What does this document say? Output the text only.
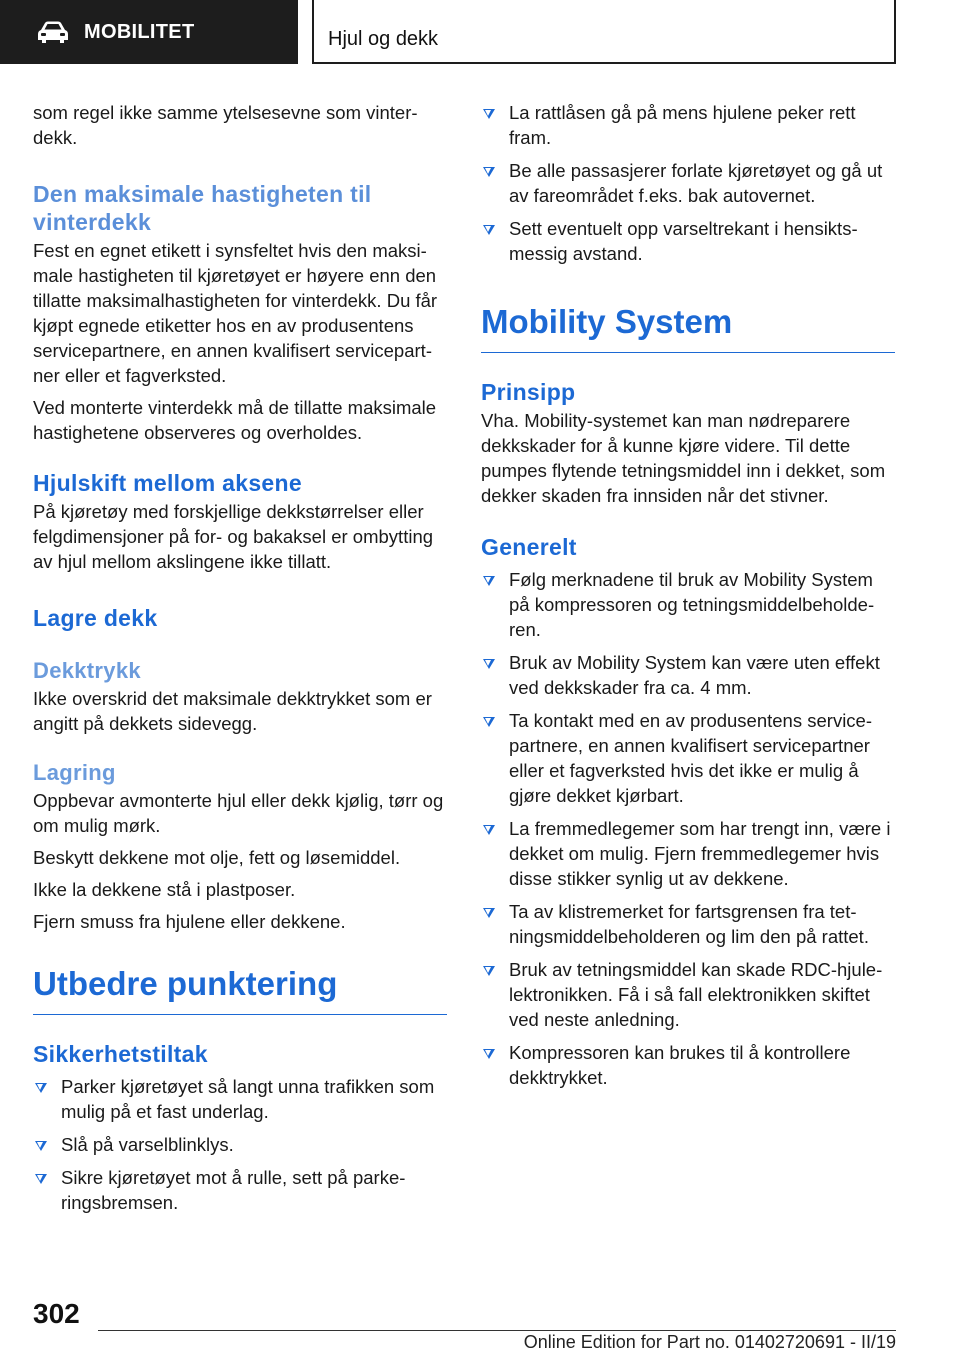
MOBILITET	Hjul og dekk

som regel ikke samme ytelsesevne som vinterdekk.

Den maksimale hastigheten til vinterdekk

Fest en egnet etikett i synsfeltet hvis den maksimale hastigheten til kjøretøyet er høyere enn den tillatte maksimalhastigheten for vinterdekk. Du får kjøpt egnede etiketter hos en av produsentens servicepartnere, en annen kvalifisert servicepartner eller et fagverksted.

Ved monterte vinterdekk må de tillatte maksimale hastighetene observeres og overholdes.

Hjulskift mellom aksene

På kjøretøy med forskjellige dekkstørrelser eller felgdimensjoner på for- og bakaksel er ombytting av hjul mellom akslingene ikke tillatt.

Lagre dekk
Dekktrykk

Ikke overskrid det maksimale dekktrykket som er angitt på dekkets sidevegg.

Lagring

Oppbevar avmonterte hjul eller dekk kjølig, tørr og om mulig mørk.

Beskytt dekkene mot olje, fett og løsemiddel.

Ikke la dekkene stå i plastposer.

Fjern smuss fra hjulene eller dekkene.

Utbedre punktering
Sikkerhetstiltak
Parker kjøretøyet så langt unna trafikken som mulig på et fast underlag.
Slå på varselblinklys.
Sikre kjøretøyet mot å rulle, sett på parkeringsbremsen.
La rattlåsen gå på mens hjulene peker rett fram.
Be alle passasjerer forlate kjøretøyet og gå ut av fareområdet f.eks. bak autovernet.
Sett eventuelt opp varseltrekant i hensiktsmessig avstand.
Mobility System
Prinsipp

Vha. Mobility-systemet kan man nødreparere dekkskader for å kunne kjøre videre. Til dette pumpes flytende tetningsmiddel inn i dekket, som dekker skaden fra innsiden når det stivner.

Generelt
Følg merknadene til bruk av Mobility System på kompressoren og tetningsmiddelbeholderen.
Bruk av Mobility System kan være uten effekt ved dekkskader fra ca. 4 mm.
Ta kontakt med en av produsentens servicepartnere, en annen kvalifisert servicepartner eller et fagverksted hvis det ikke er mulig å gjøre dekket kjørbart.
La fremmedlegemer som har trengt inn, være i dekket om mulig. Fjern fremmedlegemer hvis disse stikker synlig ut av dekkene.
Ta av klistremerket for fartsgrensen fra tetningsmiddelbeholderen og lim den på rattet.
Bruk av tetningsmiddel kan skade RDC-hjulelektronikken. Få i så fall elektronikken skiftet ved neste anledning.
Kompressoren kan brukes til å kontrollere dekktrykket.
302
Online Edition for Part no. 01402720691 - II/19
